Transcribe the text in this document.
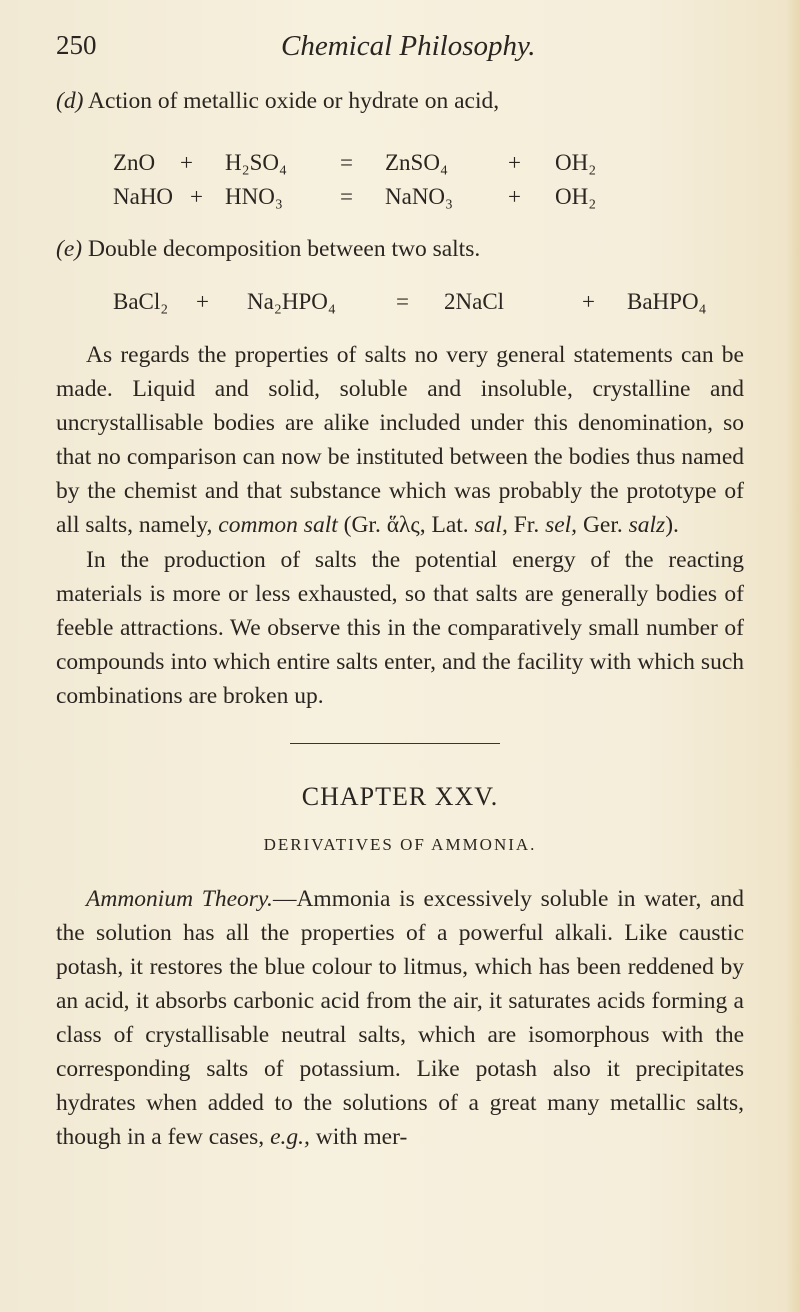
250	Chemical Philosophy.

(d) Action of metallic oxide or hydrate on acid,

ZnO + H₂SO₄ = ZnSO₄	+ OH₂
NaHO + HNO₃ = NaNO₃ + OH₂

(e) Double decomposition between two salts.

BaCl₂ + Na₂HPO₄	= 2NaCl	+ BaHPO₄

As regards the properties of salts no very general statements can be made. Liquid and solid, soluble and insoluble, crystalline and uncrystallisable bodies are alike included under this denomination, so that no comparison can now be instituted between the bodies thus named by the chemist and that substance which was probably the prototype of all salts, namely, common salt (Gr. ἅλς, Lat. sal, Fr. sel, Ger. salz).

In the production of salts the potential energy of the reacting materials is more or less exhausted, so that salts are generally bodies of feeble attractions. We observe this in the comparatively small number of compounds into which entire salts enter, and the facility with which such combinations are broken up.

CHAPTER XXV.
DERIVATIVES OF AMMONIA.

Ammonium Theory.—Ammonia is excessively soluble in water, and the solution has all the properties of a powerful alkali. Like caustic potash, it restores the blue colour to litmus, which has been reddened by an acid, it absorbs carbonic acid from the air, it saturates acids forming a class of crystallisable neutral salts, which are isomorphous with the corresponding salts of potassium. Like potash also it precipitates hydrates when added to the solutions of a great many metallic salts, though in a few cases, e.g., with mer-
